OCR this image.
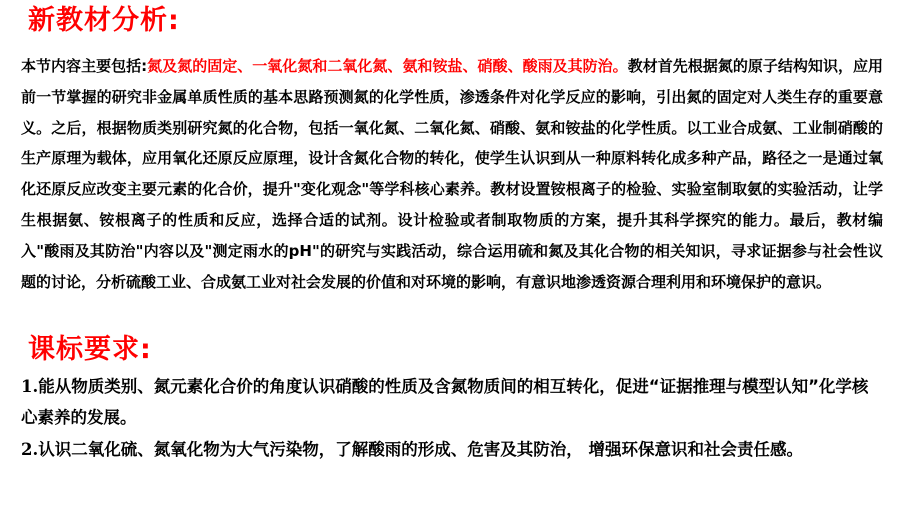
新教材分析:

本节内容主要包括:氮及氮的固定、一氧化氮和二氧化氮、氨和铵盐、硝酸、酸雨及其防治。教材首先根据氮的原子结构知识，应用前一节掌握的研究非金属单质性质的基本思路预测氮的化学性质，渗透条件对化学反应的影响，引出氮的固定对人类生存的重要意义。之后，根据物质类别研究氮的化合物，包括一氧化氮、二氧化氮、硝酸、氨和铵盐的化学性质。以工业合成氨、工业制硝酸的生产原理为载体，应用氧化还原反应原理，设计含氮化合物的转化，使学生认识到从一种原料转化成多种产品，路径之一是通过氧化还原反应改变主要元素的化合价，提升"变化观念"等学科核心素养。教材设置铵根离子的检验、实验室制取氨的实验活动，让学生根据氨、铵根离子的性质和反应，选择合适的试剂。设计检验或者制取物质的方案，提升其科学探究的能力。最后，教材编入"酸雨及其防治"内容以及"测定雨水的pH"的研究与实践活动，综合运用硫和氮及其化合物的相关知识，寻求证据参与社会性议题的讨论，分析硫酸工业、合成氨工业对社会发展的价值和对环境的影响，有意识地渗透资源合理利用和环境保护的意识。

课标要求:

1.能从物质类别、氮元素化合价的角度认识硝酸的性质及含氮物质间的相互转化，促进“证据推理与模型认知”化学核心素养的发展。

2.认识二氧化硫、氮氧化物为大气污染物，了解酸雨的形成、危害及其防治， 增强环保意识和社会责任感。
